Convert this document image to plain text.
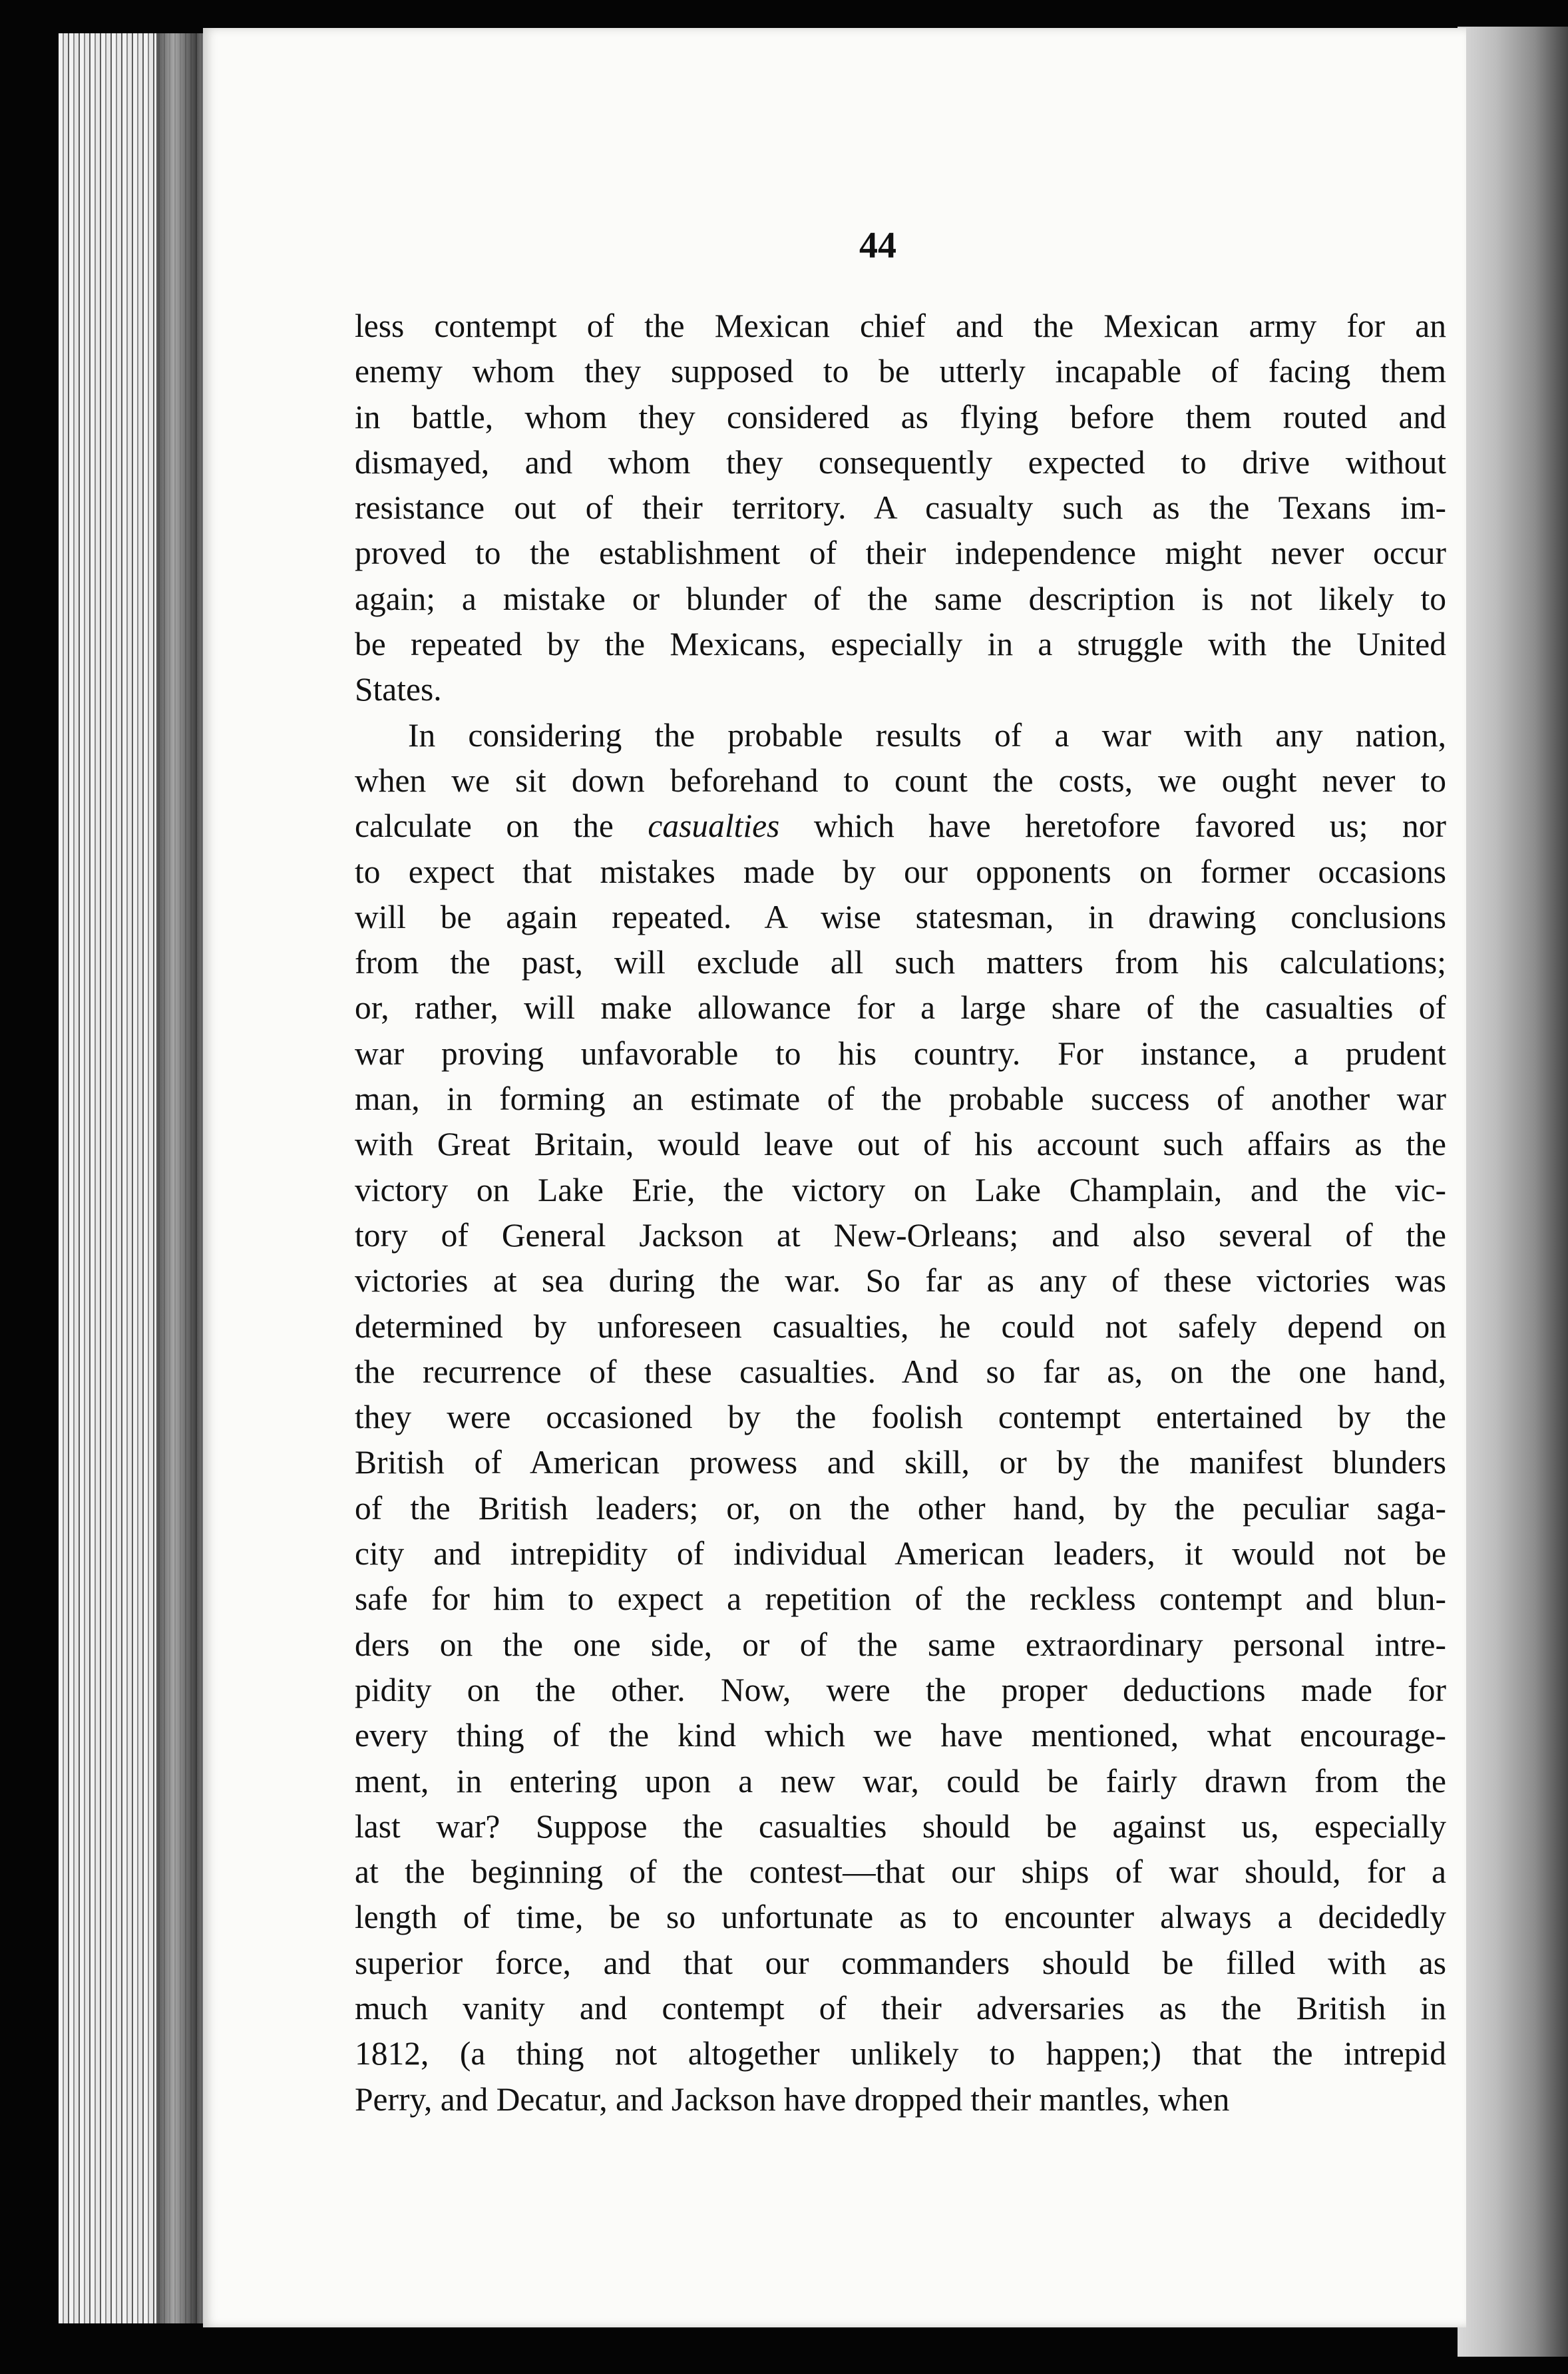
44
less contempt of the Mexican chief and the Mexican army for an
enemy whom they supposed to be utterly incapable of facing them
in battle, whom they considered as flying before them routed and
dismayed, and whom they consequently expected to drive without
resistance out of their territory. A casualty such as the Texans im-
proved to the establishment of their independence might never occur
again; a mistake or blunder of the same description is not likely to
be repeated by the Mexicans, especially in a struggle with the United
States.
In considering the probable results of a war with any nation,
when we sit down beforehand to count the costs, we ought never to
calculate on the casualties which have heretofore favored us; nor
to expect that mistakes made by our opponents on former occasions
will be again repeated. A wise statesman, in drawing conclusions
from the past, will exclude all such matters from his calculations;
or, rather, will make allowance for a large share of the casualties of
war proving unfavorable to his country. For instance, a prudent
man, in forming an estimate of the probable success of another war
with Great Britain, would leave out of his account such affairs as the
victory on Lake Erie, the victory on Lake Champlain, and the vic-
tory of General Jackson at New-Orleans; and also several of the
victories at sea during the war. So far as any of these victories was
determined by unforeseen casualties, he could not safely depend on
the recurrence of these casualties. And so far as, on the one hand,
they were occasioned by the foolish contempt entertained by the
British of American prowess and skill, or by the manifest blunders
of the British leaders; or, on the other hand, by the peculiar saga-
city and intrepidity of individual American leaders, it would not be
safe for him to expect a repetition of the reckless contempt and blun-
ders on the one side, or of the same extraordinary personal intre-
pidity on the other. Now, were the proper deductions made for
every thing of the kind which we have mentioned, what encourage-
ment, in entering upon a new war, could be fairly drawn from the
last war? Suppose the casualties should be against us, especially
at the beginning of the contest—that our ships of war should, for a
length of time, be so unfortunate as to encounter always a decidedly
superior force, and that our commanders should be filled with as
much vanity and contempt of their adversaries as the British in
1812, (a thing not altogether unlikely to happen;) that the intrepid
Perry, and Decatur, and Jackson have dropped their mantles, when
